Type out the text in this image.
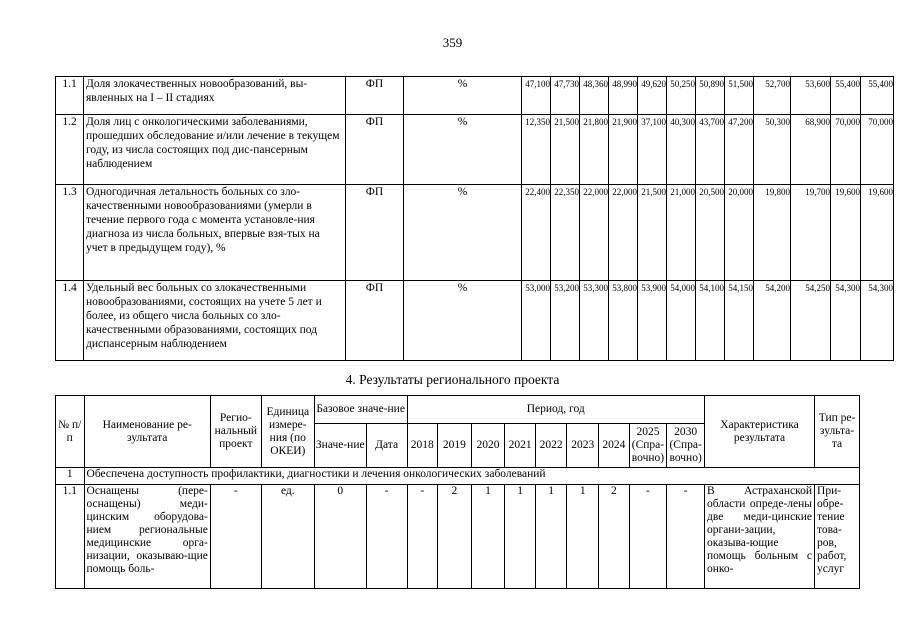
359
1.1	Доля злокачественных новообразований, вы-явленных на I – II стадиях	ФП	%	47,100	47,730	48,360	48,990	49,620	50,250	50,890	51,500	52,700	53,600	55,400	55,400
1.2	Доля лиц с онкологическими заболеваниями, прошедших обследование и/или лечение в текущем году, из числа состоящих под дис-пансерным наблюдением	ФП	%	12,350	21,500	21,800	21,900	37,100	40,300	43,700	47,200	50,300	68,900	70,000	70,000
1.3	Одногодичная летальность больных со зло-качественными новообразованиями (умерли в течение первого года с момента установле-ния диагноза из числа больных, впервые взя-тых на учет в предыдущем году), %	ФП	%	22,400	22,350	22,000	22,000	21,500	21,000	20,500	20,000	19,800	19,700	19,600	19,600
1.4	Удельный вес больных со злокачественными новообразованиями, состоящих на учете 5 лет и более, из общего числа больных со зло-качественными образованиями, состоящих под диспансерным наблюдением	ФП	%	53,000	53,200	53,300	53,800	53,900	54,000	54,100	54,150	54,200	54,250	54,300	54,300
4. Результаты регионального проекта
№ п/п	Наименование ре-зультата	Регио-нальный проект	Единица измере-ния (по ОКЕИ)	Базовое значе-ние		Период, год									Характеристика результата	Тип ре-зульта-та
				Значе-ние	Дата	2018	2019	2020	2021	2022	2023	2024	2025 (Спра-вочно)	2030 (Спра-вочно)		
1	Обеспечена доступность профилактики, диагностики и лечения онкологических заболеваний															
1.1	Оснащены (пере-оснащены) меди-цинским оборудова-нием региональные медицинские орга-низации, оказываю-щие помощь боль-	-	ед.	0	-	-	2	1	1	1	1	2	-	-	В Астраханской области опреде-лены две меди-цинские органи-зации, оказыва-ющие помощь больным с онко-	При-обре-тение това-ров, работ, услуг
